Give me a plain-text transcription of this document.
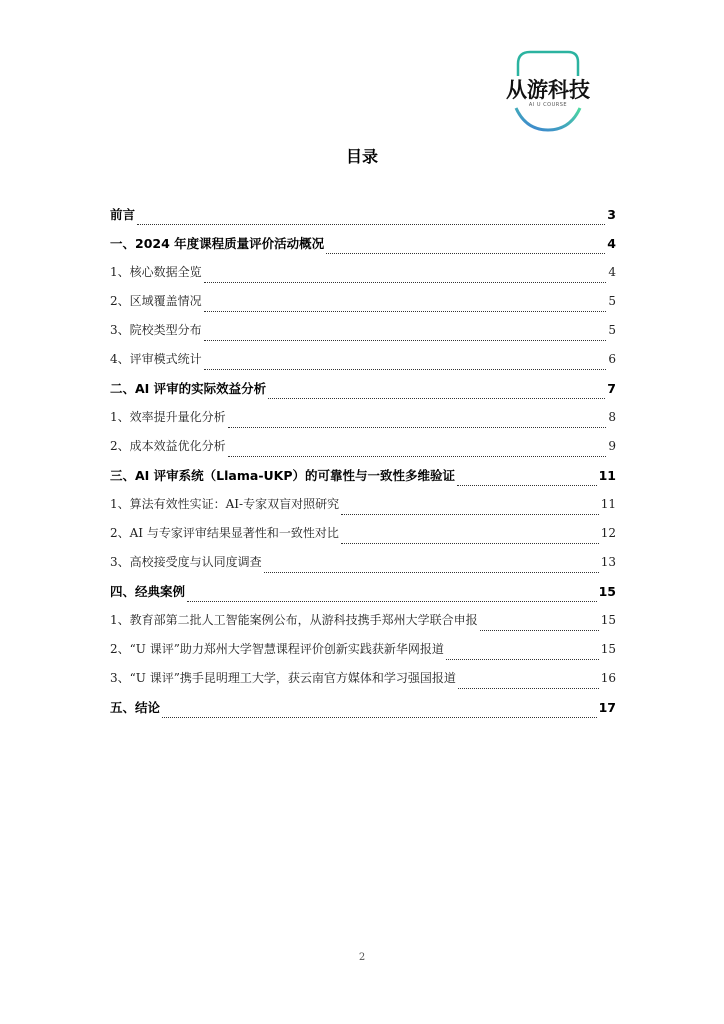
从游科技
AI U COURSE
目录
前言	3
一、2024 年度课程质量评价活动概况	4
1、核心数据全览	4
2、区域覆盖情况	5
3、院校类型分布	5
4、评审模式统计	6
二、AI 评审的实际效益分析	7
1、效率提升量化分析	8
2、成本效益优化分析	9
三、AI 评审系统（Llama-UKP）的可靠性与一致性多维验证	11
1、算法有效性实证：AI-专家双盲对照研究	11
2、AI 与专家评审结果显著性和一致性对比	12
3、高校接受度与认同度调查	13
四、经典案例	15
1、教育部第二批人工智能案例公布，从游科技携手郑州大学联合申报	15
2、“U 课评”助力郑州大学智慧课程评价创新实践获新华网报道	15
3、“U 课评”携手昆明理工大学，获云南官方媒体和学习强国报道	16
五、结论	17
2
